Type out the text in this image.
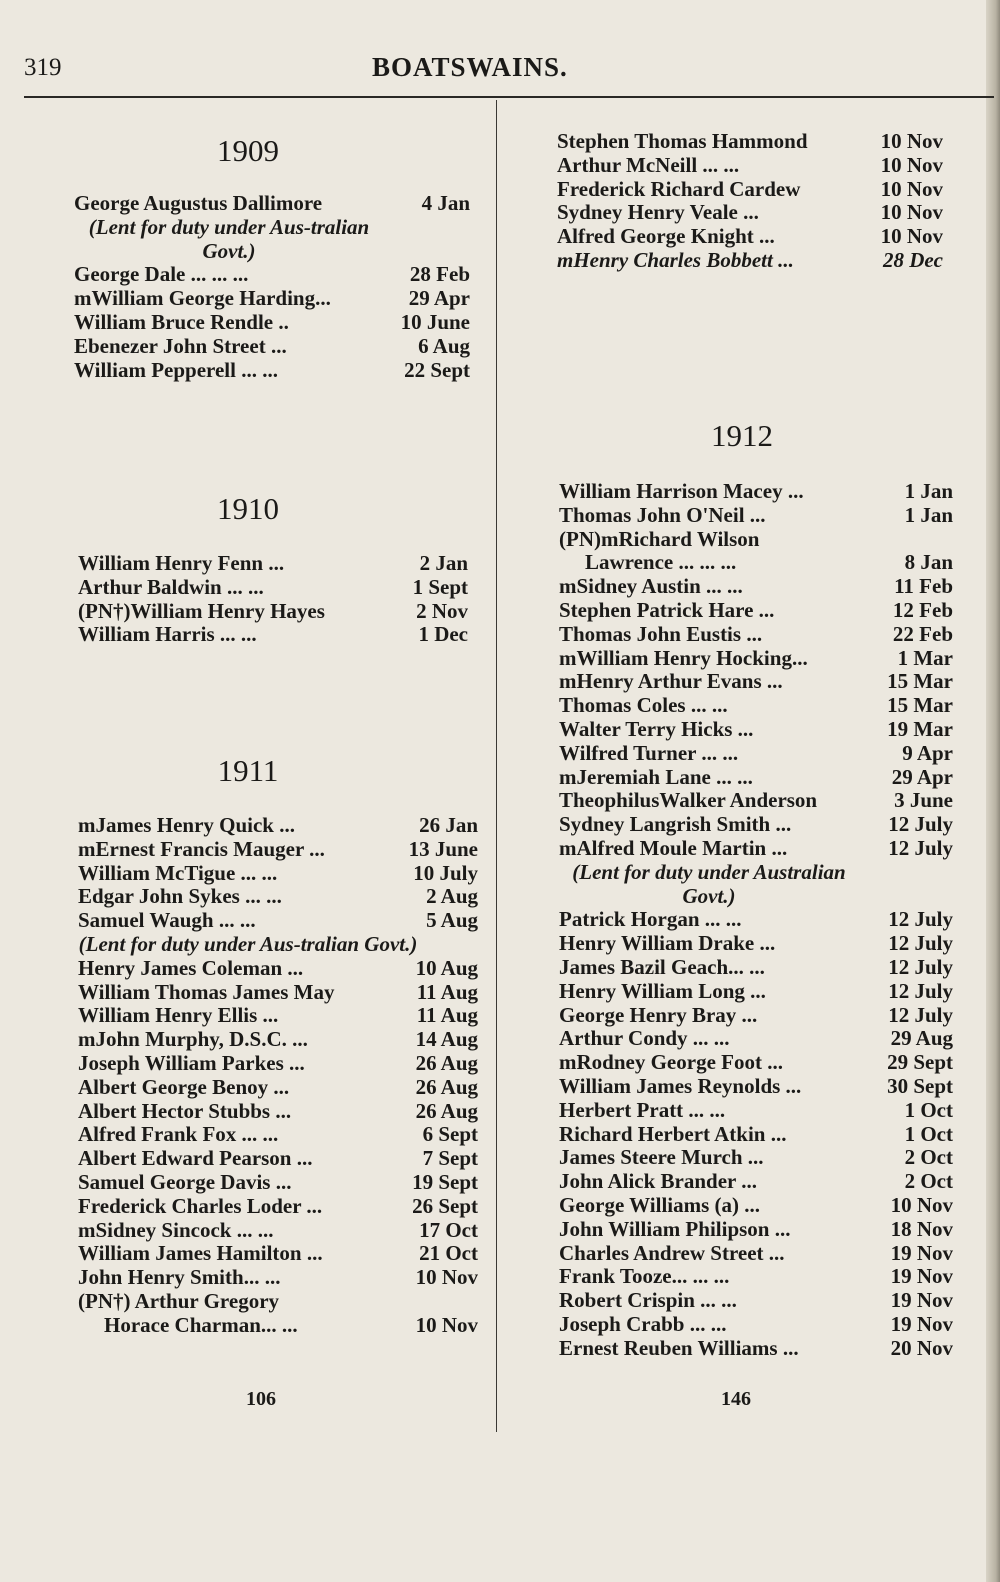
319	BOATSWAINS.
1909
George Augustus Dallimore	4 Jan
(Lent for duty under Aus-tralian Govt.)
George Dale ... ... ...	28 Feb
mWilliam George Harding...	29 Apr
William Bruce Rendle ..	10 June
Ebenezer John Street ...	6 Aug
William Pepperell ... ...	22 Sept
1910
William Henry Fenn ...	2 Jan
Arthur Baldwin ... ...	1 Sept
(PN†)William Henry Hayes	2 Nov
William Harris ... ...	1 Dec
1911
mJames Henry Quick ...	26 Jan
mErnest Francis Mauger ...	13 June
William McTigue ... ...	10 July
Edgar John Sykes ... ...	2 Aug
Samuel Waugh ... ...	5 Aug
(Lent for duty under Aus-tralian Govt.)
Henry James Coleman ...	10 Aug
William Thomas James May	11 Aug
William Henry Ellis ...	11 Aug
mJohn Murphy, D.S.C. ...	14 Aug
Joseph William Parkes ...	26 Aug
Albert George Benoy ...	26 Aug
Albert Hector Stubbs ...	26 Aug
Alfred Frank Fox ... ...	6 Sept
Albert Edward Pearson ...	7 Sept
Samuel George Davis ...	19 Sept
Frederick Charles Loder ...	26 Sept
mSidney Sincock ... ...	17 Oct
William James Hamilton ...	21 Oct
John Henry Smith... ...	10 Nov
(PN†) Arthur Gregory
Horace Charman... ...	10 Nov
106
Stephen Thomas Hammond	10 Nov
Arthur McNeill ... ...	10 Nov
Frederick Richard Cardew	10 Nov
Sydney Henry Veale ...	10 Nov
Alfred George Knight ...	10 Nov
mHenry Charles Bobbett ...	28 Dec
1912
William Harrison Macey ...	1 Jan
Thomas John O'Neil ...	1 Jan
(PN)mRichard Wilson
Lawrence ... ... ...	8 Jan
mSidney Austin ... ...	11 Feb
Stephen Patrick Hare ...	12 Feb
Thomas John Eustis ...	22 Feb
mWilliam Henry Hocking...	1 Mar
mHenry Arthur Evans ...	15 Mar
Thomas Coles ... ...	15 Mar
Walter Terry Hicks ...	19 Mar
Wilfred Turner ... ...	9 Apr
mJeremiah Lane ... ...	29 Apr
TheophilusWalker Anderson	3 June
Sydney Langrish Smith ...	12 July
mAlfred Moule Martin ...	12 July
(Lent for duty under Australian Govt.)
Patrick Horgan ... ...	12 July
Henry William Drake ...	12 July
James Bazil Geach... ...	12 July
Henry William Long ...	12 July
George Henry Bray ...	12 July
Arthur Condy ... ...	29 Aug
mRodney George Foot ...	29 Sept
William James Reynolds ...	30 Sept
Herbert Pratt ... ...	1 Oct
Richard Herbert Atkin ...	1 Oct
James Steere Murch ...	2 Oct
John Alick Brander ...	2 Oct
George Williams (a) ...	10 Nov
John William Philipson ...	18 Nov
Charles Andrew Street ...	19 Nov
Frank Tooze... ... ...	19 Nov
Robert Crispin ... ...	19 Nov
Joseph Crabb ... ...	19 Nov
Ernest Reuben Williams ...	20 Nov
146
